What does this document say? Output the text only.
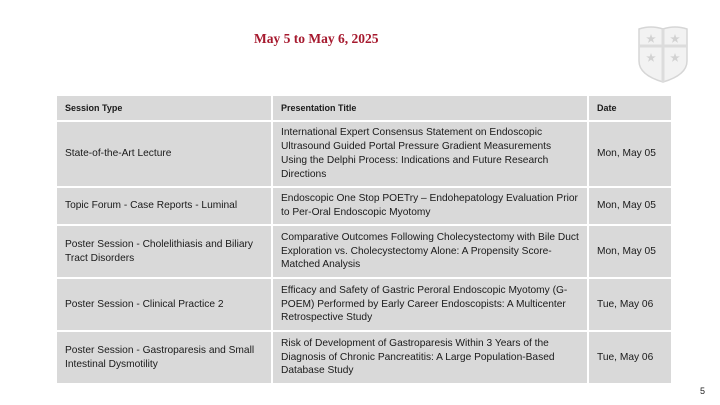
May 5 to May 6, 2025
Session Type	Presentation Title	Date
State-of-the-Art Lecture	International Expert Consensus Statement on Endoscopic Ultrasound Guided Portal Pressure Gradient Measurements Using the Delphi Process: Indications and Future Research Directions	Mon, May 05
Topic Forum - Case Reports - Luminal	Endoscopic One Stop POETry – Endohepatology Evaluation Prior to Per-Oral Endoscopic Myotomy	Mon, May 05
Poster Session - Cholelithiasis and Biliary Tract Disorders	Comparative Outcomes Following Cholecystectomy with Bile Duct Exploration vs. Cholecystectomy Alone: A Propensity Score-Matched Analysis	Mon, May 05
Poster Session - Clinical Practice 2	Efficacy and Safety of Gastric Peroral Endoscopic Myotomy (G-POEM) Performed by Early Career Endoscopists: A Multicenter Retrospective Study	Tue, May 06
Poster Session - Gastroparesis and Small Intestinal Dysmotility	Risk of Development of Gastroparesis Within 3 Years of the Diagnosis of Chronic Pancreatitis: A Large Population-Based Database Study	Tue, May 06
5
